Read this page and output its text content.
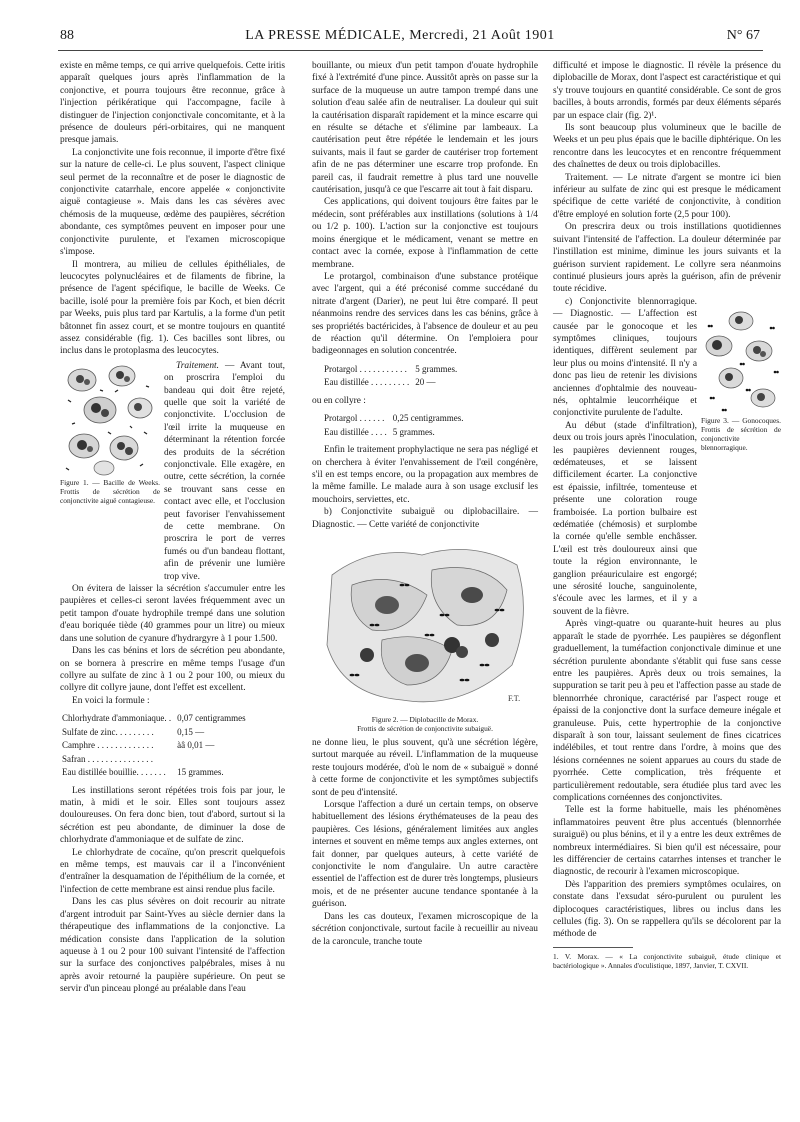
88	LA PRESSE MÉDICALE, Mercredi, 21 Août 1901	N° 67

existe en même temps, ce qui arrive quelquefois. Cette iritis apparaît quelques jours après l'inflammation de la conjonctive, et pourra toujours être reconnue, grâce à l'injection périkératique qui l'accompagne, facile à distinguer de l'injection conjonctivale concomitante, et à la présence de douleurs péri-orbitaires, qui ne manquent presque jamais.

La conjonctivite une fois reconnue, il importe d'être fixé sur la nature de celle-ci. Le plus souvent, l'aspect clinique seul permet de la reconnaître et de poser le diagnostic de conjonctivite catarrhale, encore appelée « conjonctivite aiguë contagieuse ». Mais dans les cas sévères avec chémosis de la muqueuse, œdème des paupières, sécrétion abondante, ces symptômes peuvent en imposer pour une conjonctivite purulente, et l'examen microscopique s'impose.

Il montrera, au milieu de cellules épithéliales, de leucocytes polynucléaires et de filaments de fibrine, la présence de l'agent spécifique, le bacille de Weeks. Ce bacille, isolé pour la première fois par Koch, et bien décrit par Weeks, puis plus tard par Kartulis, a la forme d'un petit bâtonnet fin assez court, et se montre toujours en quantité assez considérable (fig. 1). Ces bacilles sont libres, ou inclus dans le protoplasma des leucocytes.

Figure 1. — Bacille de Weeks. Frottis de sécrétion de conjonctivite aiguë contagieuse.

Traitement. — Avant tout, on proscrira l'emploi du bandeau qui doit être rejeté, quelle que soit la variété de conjonctivite. L'occlusion de l'œil irrite la muqueuse en déterminant la rétention forcée des produits de la sécrétion conjonctivale. Elle exagère, en outre, cette sécrétion, la cornée se trouvant sans cesse en contact avec elle, et l'occlusion peut favoriser l'envahissement de cette membrane. On proscrira le port de verres fumés ou d'un bandeau flottant, afin de prévenir une lumière trop vive.

On évitera de laisser la sécrétion s'accumuler entre les paupières et celles-ci seront lavées fréquemment avec un petit tampon d'ouate hydrophile trempé dans une solution d'eau boriquée tiède (40 grammes pour un litre) ou mieux dans une solution de cyanure d'hydrargyre à 1 pour 1.500.

Dans les cas bénins et lors de sécrétion peu abondante, on se bornera à prescrire en même temps l'usage d'un collyre au sulfate de zinc à 1 ou 2 pour 100, ou mieux du collyre dit collyre jaune, dont l'effet est excellent.

En voici la formule :

Chlorhydrate d'ammoniaque. .	0,07 centigrammes
Sulfate de zinc. . . . . . . . .	0,15 —
Camphre . . . . . . . . . . . . .	àâ 0,01 —
Safran . . . . . . . . . . . . . . .	
Eau distillée bouillie. . . . . . .	15 grammes.

Les instillations seront répétées trois fois par jour, le matin, à midi et le soir. Elles sont toujours assez douloureuses. On fera donc bien, tout d'abord, surtout si la sécrétion est peu abondante, de diminuer la dose de chlorhydrate d'ammoniaque et de sulfate de zinc.

Le chlorhydrate de cocaïne, qu'on prescrit quelquefois en même temps, est mauvais car il a l'inconvénient d'entraîner la desquamation de l'épithélium de la cornée, et l'infection de cette membrane est ainsi rendue plus facile.

Dans les cas plus sévères on doit recourir au nitrate d'argent introduit par Saint-Yves au siècle dernier dans la thérapeutique des inflammations de la conjonctive. La médication consiste dans l'application de la solution aqueuse à 1 ou 2 pour 100 suivant l'intensité de l'affection sur la surface des conjonctives palpébrales, mises à nu après avoir retourné la paupière supérieure. On peut se servir d'un pinceau plongé au préalable dans l'eau

bouillante, ou mieux d'un petit tampon d'ouate hydrophile fixé à l'extrémité d'une pince. Aussitôt après on passe sur la surface de la muqueuse un autre tampon trempé dans une solution d'eau salée afin de neutraliser. La douleur qui suit la cautérisation disparaît rapidement et la mince escarre qui en résulte se détache et s'élimine par lambeaux. La cautérisation peut être répétée le lendemain et les jours suivants, mais il faut se garder de cautériser trop fortement afin de ne pas déterminer une escarre trop profonde. En pareil cas, il faudrait remettre à plus tard une nouvelle cautérisation, jusqu'à ce que l'escarre ait tout à fait disparu.

Ces applications, qui doivent toujours être faites par le médecin, sont préférables aux instillations (solutions à 1/4 ou 1/2 p. 100). L'action sur la conjonctive est toujours moins énergique et le médicament, venant se mettre en contact avec la cornée, expose à l'inflammation de cette membrane.

Le protargol, combinaison d'une substance protéique avec l'argent, qui a été préconisé comme succédané du nitrate d'argent (Darier), ne peut lui être comparé. Il peut néanmoins rendre des services dans les cas bénins, grâce à ses propriétés bactéricides, à l'absence de douleur et au peu de réaction qu'il détermine. On l'emploiera pour badigeonnages en solution concentrée.

Protargol . . . . . . . . . . .	5 grammes.
Eau distillée . . . . . . . . .	20 —

ou en collyre :

Protargol . . . . . .	0,25 centigrammes.
Eau distillée . . . .	5 grammes.

Enfin le traitement prophylactique ne sera pas négligé et on cherchera à éviter l'envahissement de l'œil congénère, s'il en est temps encore, ou la propagation aux membres de la même famille. Le malade aura à son usage exclusif les mouchoirs, serviettes, etc.

b) Conjonctivite subaiguë ou diplobacillaire. — Diagnostic. — Cette variété de conjonctivite

F.T.
Figure 2. — Diplobacille de Morax.
Frottis de sécrétion de conjonctivite subaiguë.

ne donne lieu, le plus souvent, qu'à une sécrétion légère, surtout marquée au réveil. L'inflammation de la muqueuse reste toujours modérée, d'où le nom de « subaiguë » donné à cette forme de conjonctivite et les symptômes subjectifs sont de peu d'intensité.

Lorsque l'affection a duré un certain temps, on observe habituellement des lésions érythémateuses de la peau des paupières. Ces lésions, généralement limitées aux angles internes et souvent en même temps aux angles externes, ont fait donner, par quelques auteurs, à cette variété de conjonctivite le nom d'angulaire. Un autre caractère essentiel de l'affection est de durer très longtemps, plusieurs mois, et de ne présenter aucune tendance spontanée à la guérison.

Dans les cas douteux, l'examen microscopique de la sécrétion conjonctivale, surtout facile à recueillir au niveau de la caroncule, tranche toute

difficulté et impose le diagnostic. Il révèle la présence du diplobacille de Morax, dont l'aspect est caractéristique et qui s'y trouve toujours en quantité considérable. Ce sont de gros bacilles, à bouts arrondis, formés par deux éléments séparés par un espace clair (fig. 2)¹.

Ils sont beaucoup plus volumineux que le bacille de Weeks et un peu plus épais que le bacille diphtérique. On les rencontre dans les leucocytes et en rencontre fréquemment des chaînettes de deux ou trois diplobacilles.

Traitement. — Le nitrate d'argent se montre ici bien inférieur au sulfate de zinc qui est presque le médicament spécifique de cette variété de conjonctivite, à condition d'être employé en solution forte (2,5 pour 100).

On prescrira deux ou trois instillations quotidiennes suivant l'intensité de l'affection. La douleur déterminée par l'instillation est minime, diminue les jours suivants et la guérison survient rapidement. Le collyre sera néanmoins continué plusieurs jours après la guérison, afin de prévenir toute récidive.

c) Conjonctivite blennorragique. — Diagnostic. — L'affection est causée par le gonocoque et les symptômes cliniques, toujours identiques, diffèrent seulement par leur plus ou moins d'intensité. Il n'y a donc pas lieu de retenir les divisions anciennes d'ophtalmie des nouveau-nés, ophtalmie leucorrhéique et conjonctivite purulente de l'adulte.

Au début (stade d'infiltration), deux ou trois jours après l'inoculation, les paupières deviennent rouges, œdémateuses, et se laissent difficilement écarter. La conjonctive est épaissie, infiltrée, tomenteuse et présente une coloration rouge framboisée. La portion bulbaire est œdématiée (chémosis) et surplombe la cornée qu'elle semble enchâsser. L'œil est très douloureux ainsi que toute la région environnante, le ganglion préauriculaire est engorgé; une sérosité louche, sanguinolente, s'écoule avec les larmes, et il y a souvent de la fièvre.

Figure 3. — Gonocoques. Frottis de sécrétion de conjonctivite blennorragique.

Après vingt-quatre ou quarante-huit heures au plus apparaît le stade de pyorrhée. Les paupières se dégonflent graduellement, la tuméfaction conjonctivale diminue et une sécrétion purulente abondante s'établit qui fuse sans cesse entre les paupières. Après deux ou trois semaines, la suppuration se tarit peu à peu et l'affection passe au stade de blennorrhée chronique, caractérisé par l'aspect rouge et épaissi de la conjonctive dont la surface demeure inégale et granuleuse. Puis, cette hypertrophie de la conjonctive disparaît à son tour, laissant seulement de fines cicatrices indélébiles, et tout rentre dans l'ordre, à moins que des lésions cornéennes ne soient apparues au cours du stade de pyorrhée. Cette complication, très fréquente et particulièrement redoutable, sera étudiée plus tard avec les complications cornéennes des conjonctivites.

Telle est la forme habituelle, mais les phénomènes inflammatoires peuvent être plus accentués (blennorrhée suraiguë) ou plus bénins, et il y a entre les deux extrêmes de nombreux intermédiaires. Si bien qu'il est nécessaire, pour les différencier de certains catarrhes intenses et trancher le diagnostic, de recourir à l'examen microscopique.

Dès l'apparition des premiers symptômes oculaires, on constate dans l'exsudat séro-purulent ou purulent les diplocoques caractéristiques, libres ou inclus dans les cellules (fig. 3). On se rappellera qu'ils se décolorent par la méthode de

1. V. Morax. — « La conjonctivite subaiguë, étude clinique et bactériologique ». Annales d'oculistique, 1897, Janvier, T. CXVII.
